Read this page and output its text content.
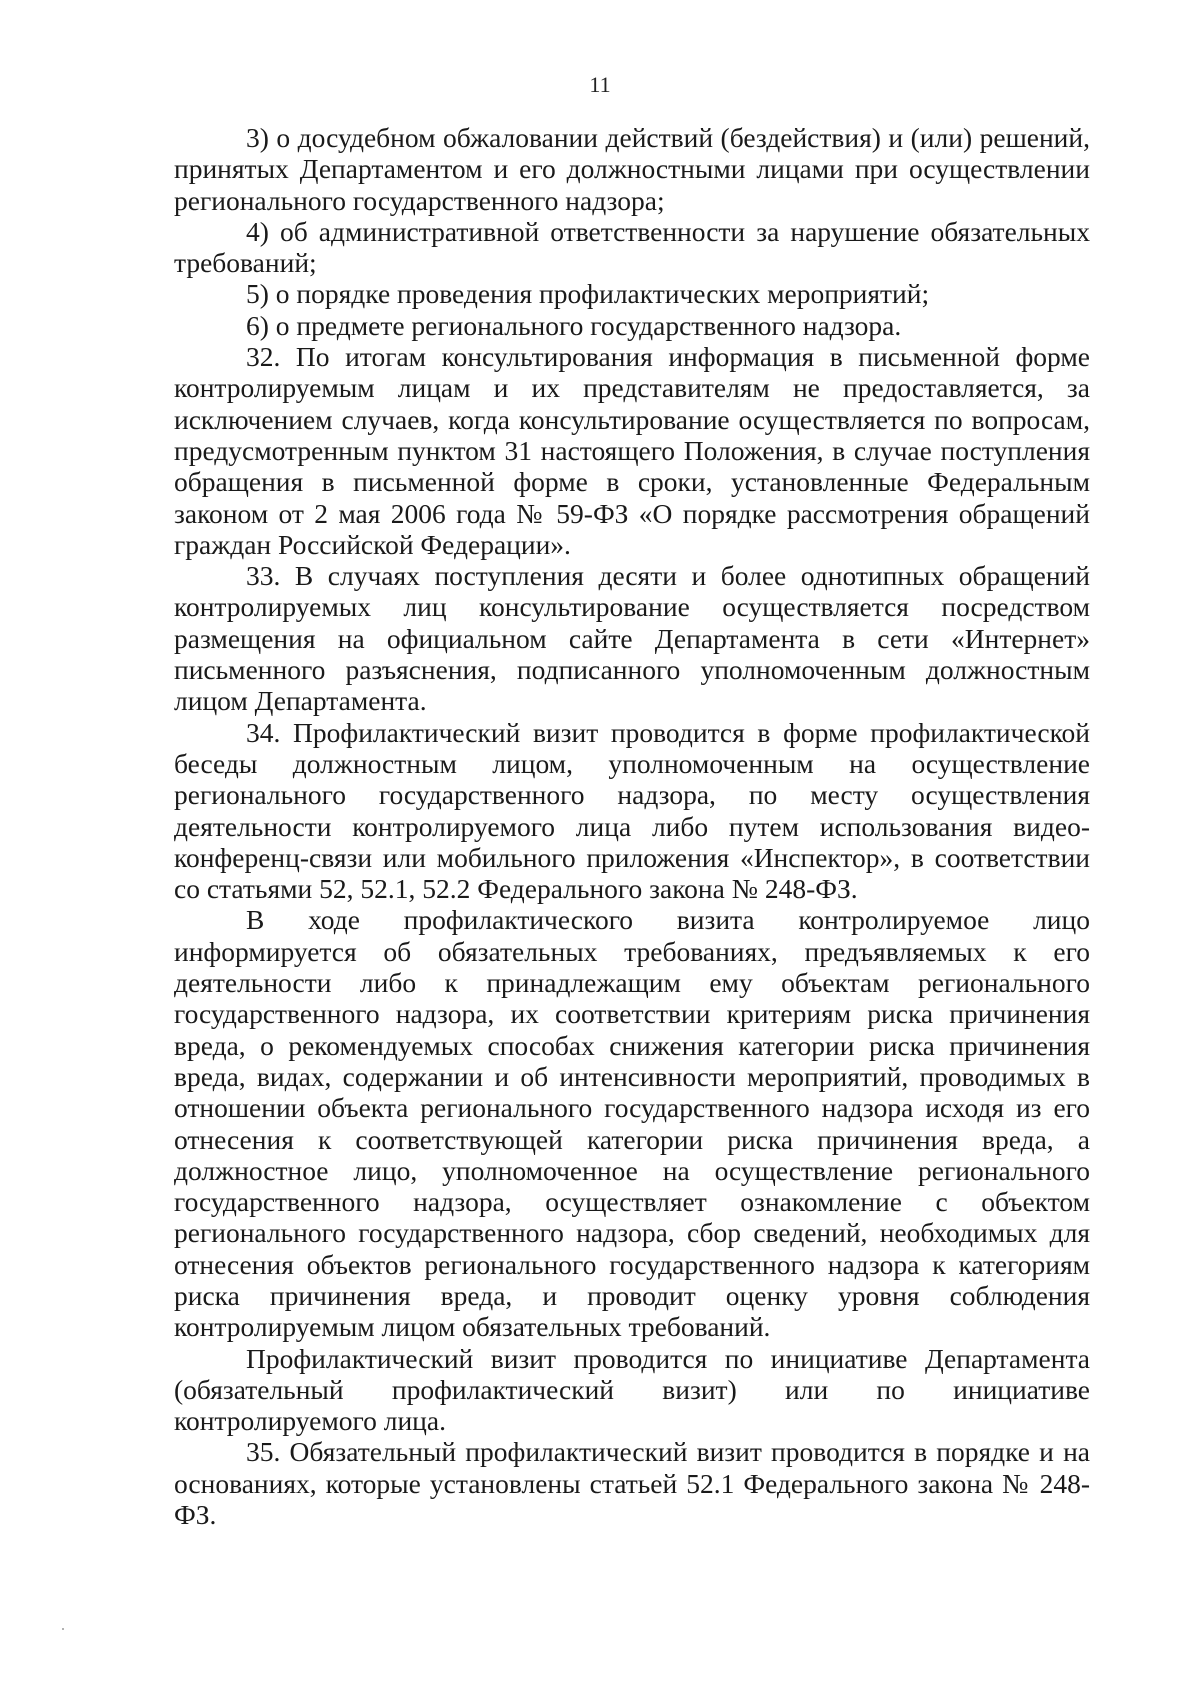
11

3) о досудебном обжаловании действий (бездействия) и (или) решений, принятых Департаментом и его должностными лицами при осуществлении регионального государственного надзора;

4) об административной ответственности за нарушение обязательных требований;

5) о порядке проведения профилактических мероприятий;

6) о предмете регионального государственного надзора.

32. По итогам консультирования информация в письменной форме контролируемым лицам и их представителям не предоставляется, за исключением случаев, когда консультирование осуществляется по вопросам, предусмотренным пунктом 31 настоящего Положения, в случае поступления обращения в письменной форме в сроки, установленные Федеральным законом от 2 мая 2006 года № 59-ФЗ «О порядке рассмотрения обращений граждан Российской Федерации».

33. В случаях поступления десяти и более однотипных обращений контролируемых лиц консультирование осуществляется посредством размещения на официальном сайте Департамента в сети «Интернет» письменного разъяснения, подписанного уполномоченным должностным лицом Департамента.

34. Профилактический визит проводится в форме профилактической беседы должностным лицом, уполномоченным на осуществление регионального государственного надзора, по месту осуществления деятельности контролируемого лица либо путем использования видео-конференц-связи или мобильного приложения «Инспектор», в соответствии со статьями 52, 52.1, 52.2 Федерального закона № 248-ФЗ.

В ходе профилактического визита контролируемое лицо информируется об обязательных требованиях, предъявляемых к его деятельности либо к принадлежащим ему объектам регионального государственного надзора, их соответствии критериям риска причинения вреда, о рекомендуемых способах снижения категории риска причинения вреда, видах, содержании и об интенсивности мероприятий, проводимых в отношении объекта регионального государственного надзора исходя из его отнесения к соответствующей категории риска причинения вреда, а должностное лицо, уполномоченное на осуществление регионального государственного надзора, осуществляет ознакомление с объектом регионального государственного надзора, сбор сведений, необходимых для отнесения объектов регионального государственного надзора к категориям риска причинения вреда, и проводит оценку уровня соблюдения контролируемым лицом обязательных требований.

Профилактический визит проводится по инициативе Департамента (обязательный профилактический визит) или по инициативе контролируемого лица.

35. Обязательный профилактический визит проводится в порядке и на основаниях, которые установлены статьей 52.1 Федерального закона № 248-ФЗ.
